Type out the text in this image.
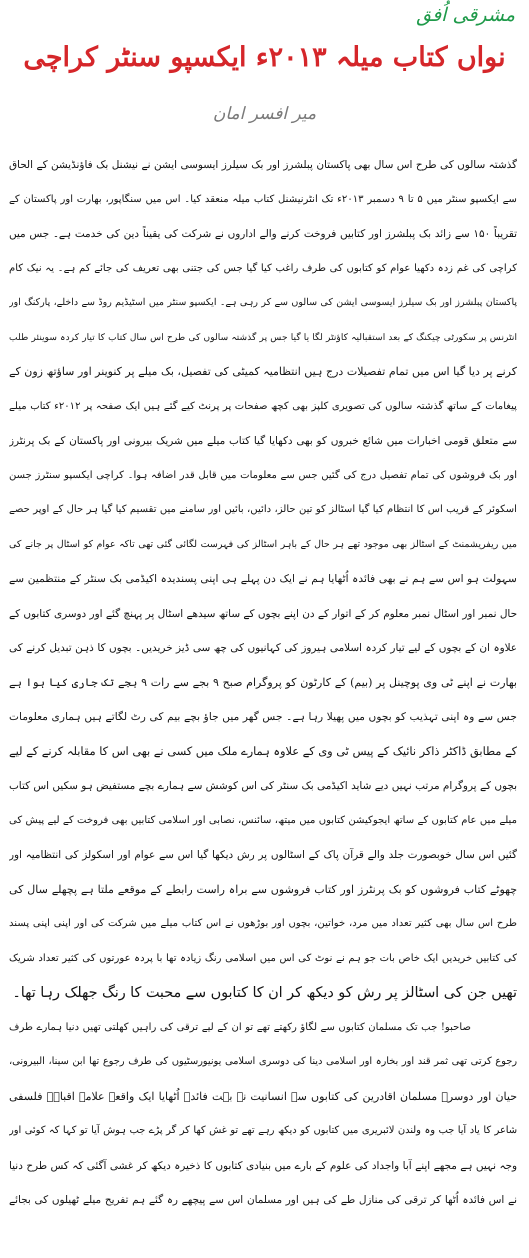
مشرقی اُفق
نواں کتاب میلہ ۲۰۱۳ء ایکسپو سنٹر کراچی
میر افسر امان
گذشتہ سالوں کی طرح اس سال بھی پاکستان پبلشرز اور بک سیلرز ایسوسی ایشن نے نیشنل بک فاؤنڈیشن کے الحاق
سے ایکسپو سنٹر میں ۵ تا ۹ دسمبر ۲۰۱۳ء تک انٹرنیشنل کتاب میلہ منعقد کیا۔ اس میں سنگاپور، بھارت اور پاکستان کے
تقریباً ۱۵۰ سے زائد بک پبلشرز اور کتابیں فروخت کرنے والے اداروں نے شرکت کی یقیناً دین کی خدمت ہے۔ جس میں
کراچی کی غم زدہ دکھیا عوام کو کتابوں کی طرف راغب کیا گیا جس کی جتنی بھی تعریف کی جائے کم ہے۔ یہ نیک کام
پاکستان پبلشرز اور بک سیلرز ایسوسی ایشن کی سالوں سے کر رہی ہے۔ ایکسپو سنٹر میں اسٹیڈیم روڈ سے داخلے، پارکنگ اور
انٹرنس پر سکورٹی چیکنگ کے بعد استقبالیہ کاؤنٹر لگا یا گیا جس پر گذشتہ سالوں کی طرح اس سال کتاب کا تیار کردہ سوینئر طلب
کرنے پر دیا گیا اس میں تمام تفصیلات درج ہیں انتظامیہ کمیٹی کی تفصیل، بک میلے پر کنوینر اور ساؤتھ زون کے
پیغامات کے ساتھ گذشتہ سالوں کی تصویری کلپز بھی کچھ صفحات پر پرنٹ کیے گئے ہیں ایک صفحہ پر ۲۰۱۲ء کتاب میلے
سے متعلق قومی اخبارات میں شائع خبروں کو بھی دکھایا گیا کتاب میلے میں شریک بیرونی اور پاکستان کے بک پرنٹرز
اور بک فروشوں کی تمام تفصیل درج کی گئیں جس سے معلومات میں قابل قدر اضافہ ہوا۔ کراچی ایکسپو سنٹرز جسن
اسکوئر کے قریب اس کا انتظام کیا گیا اسٹالز کو تین حالز، دائیں، بائیں اور سامنے میں تقسیم کیا گیا ہر حال کے اوپر حصے
میں ریفریشمنٹ کے اسٹالز بھی موجود تھے ہر حال کے باہر اسٹالز کی فہرست لگائی گئی تھی تاکہ عوام کو اسٹال پر جانے کی
سہولت ہو اس سے ہم نے بھی فائدہ اُٹھایا ہم نے ایک دن پہلے ہی اپنی پسندیدہ اکیڈمی بک سنٹر کے منتظمین سے
حال نمبر اور اسٹال نمبر معلوم کر کے اتوار کے دن اپنے بچوں کے ساتھ سیدھے اسٹال پر پہنچ گئے اور دوسری کتابوں کے
علاوہ ان کے بچوں کے لیے تیار کردہ اسلامی ہیروز کی کہانیوں کی چھ سی ڈیز خریدیں۔ بچوں کا ذہن تبدیل کرنے کی
بھارت نے اپنے ٹی وی پوچینل پر (بیم) کے کارٹون کو پروگرام صبح ۹ بجے سے رات ۹ بجے تک جاری کیا ہوا ہے
جس سے وہ اپنی تہذیب کو بچوں میں پھیلا رہا ہے۔ جس گھر میں جاؤ بچے بیم کی رٹ لگاتے ہیں ہماری معلومات
کے مطابق ڈاکٹر ذاکر نائیک کے پیس ٹی وی کے علاوہ ہمارے ملک میں کسی نے بھی اس کا مقابلہ کرنے کے لیے
بچوں کے پروگرام مرتب نہیں دیے شاید اکیڈمی بک سنٹر کی اس کوشش سے ہمارے بچے مستفیض ہو سکیں اس کتاب
میلے میں عام کتابوں کے ساتھ ایجوکیشن کتابوں میں میتھ، سائنس، نصابی اور اسلامی کتابیں بھی فروخت کے لیے پیش کی
گئیں اس سال خوبصورت جلد والے قرآن پاک کے اسٹالوں پر رش دیکھا گیا اس سے عوام اور اسکولز کی انتظامیہ اور
چھوٹے کتاب فروشوں کو بک پرنٹرز اور کتاب فروشوں سے براہ راست رابطے کے موقعے ملتا ہے پچھلے سال کی
طرح اس سال بھی کثیر تعداد میں مرد، خواتین، بچوں اور بوڑھوں نے اس کتاب میلے میں شرکت کی اور اپنی اپنی پسند
کی کتابیں خریدیں ایک خاص بات جو ہم نے نوٹ کی اس میں اسلامی رنگ زیادہ تھا با پردہ عورتوں کی کثیر تعداد شریک
تھیں جن کی اسٹالز پر رش کو دیکھ کر ان کا کتابوں سے محبت کا رنگ جھلک رہا تھا۔
صاحبو! جب تک مسلمان کتابوں سے لگاؤ رکھتے تھے تو ان کے لیے ترقی کی راہیں کھلتی تھیں دنیا ہمارے طرف
رجوع کرتی تھی ثمر قند اور بخارہ اور اسلامی دینا کی دوسری اسلامی یونیورسٹیوں کی طرف رجوع تھا ابن سینا، البیرونی،
حیان اور دوسرے مسلمان اقادرین کی کتابوں سے انسانیت نے بہت فائدہ اُٹھایا ایک واقعہ علامہ اقبالؒ فلسفی
شاعر کا یاد آیا جب وہ ولندن لائبریری میں کتابوں کو دیکھ رہے تھے تو غش کھا کر گر پڑے جب ہوش آیا تو کہا کہ کوئی اور
وجہ نہیں ہے مجھے اپنے آبا واجداد کی علوم کے بارے میں بنیادی کتابوں کا ذخیرہ دیکھ کر غشی آگئی کہ کس طرح دنیا
نے اس فائدہ اُٹھا کر ترقی کی منازل طے کی ہیں اور مسلمان اس سے پیچھے رہ گئے ہم تفریح میلے ٹھیلوں کی بجائے
